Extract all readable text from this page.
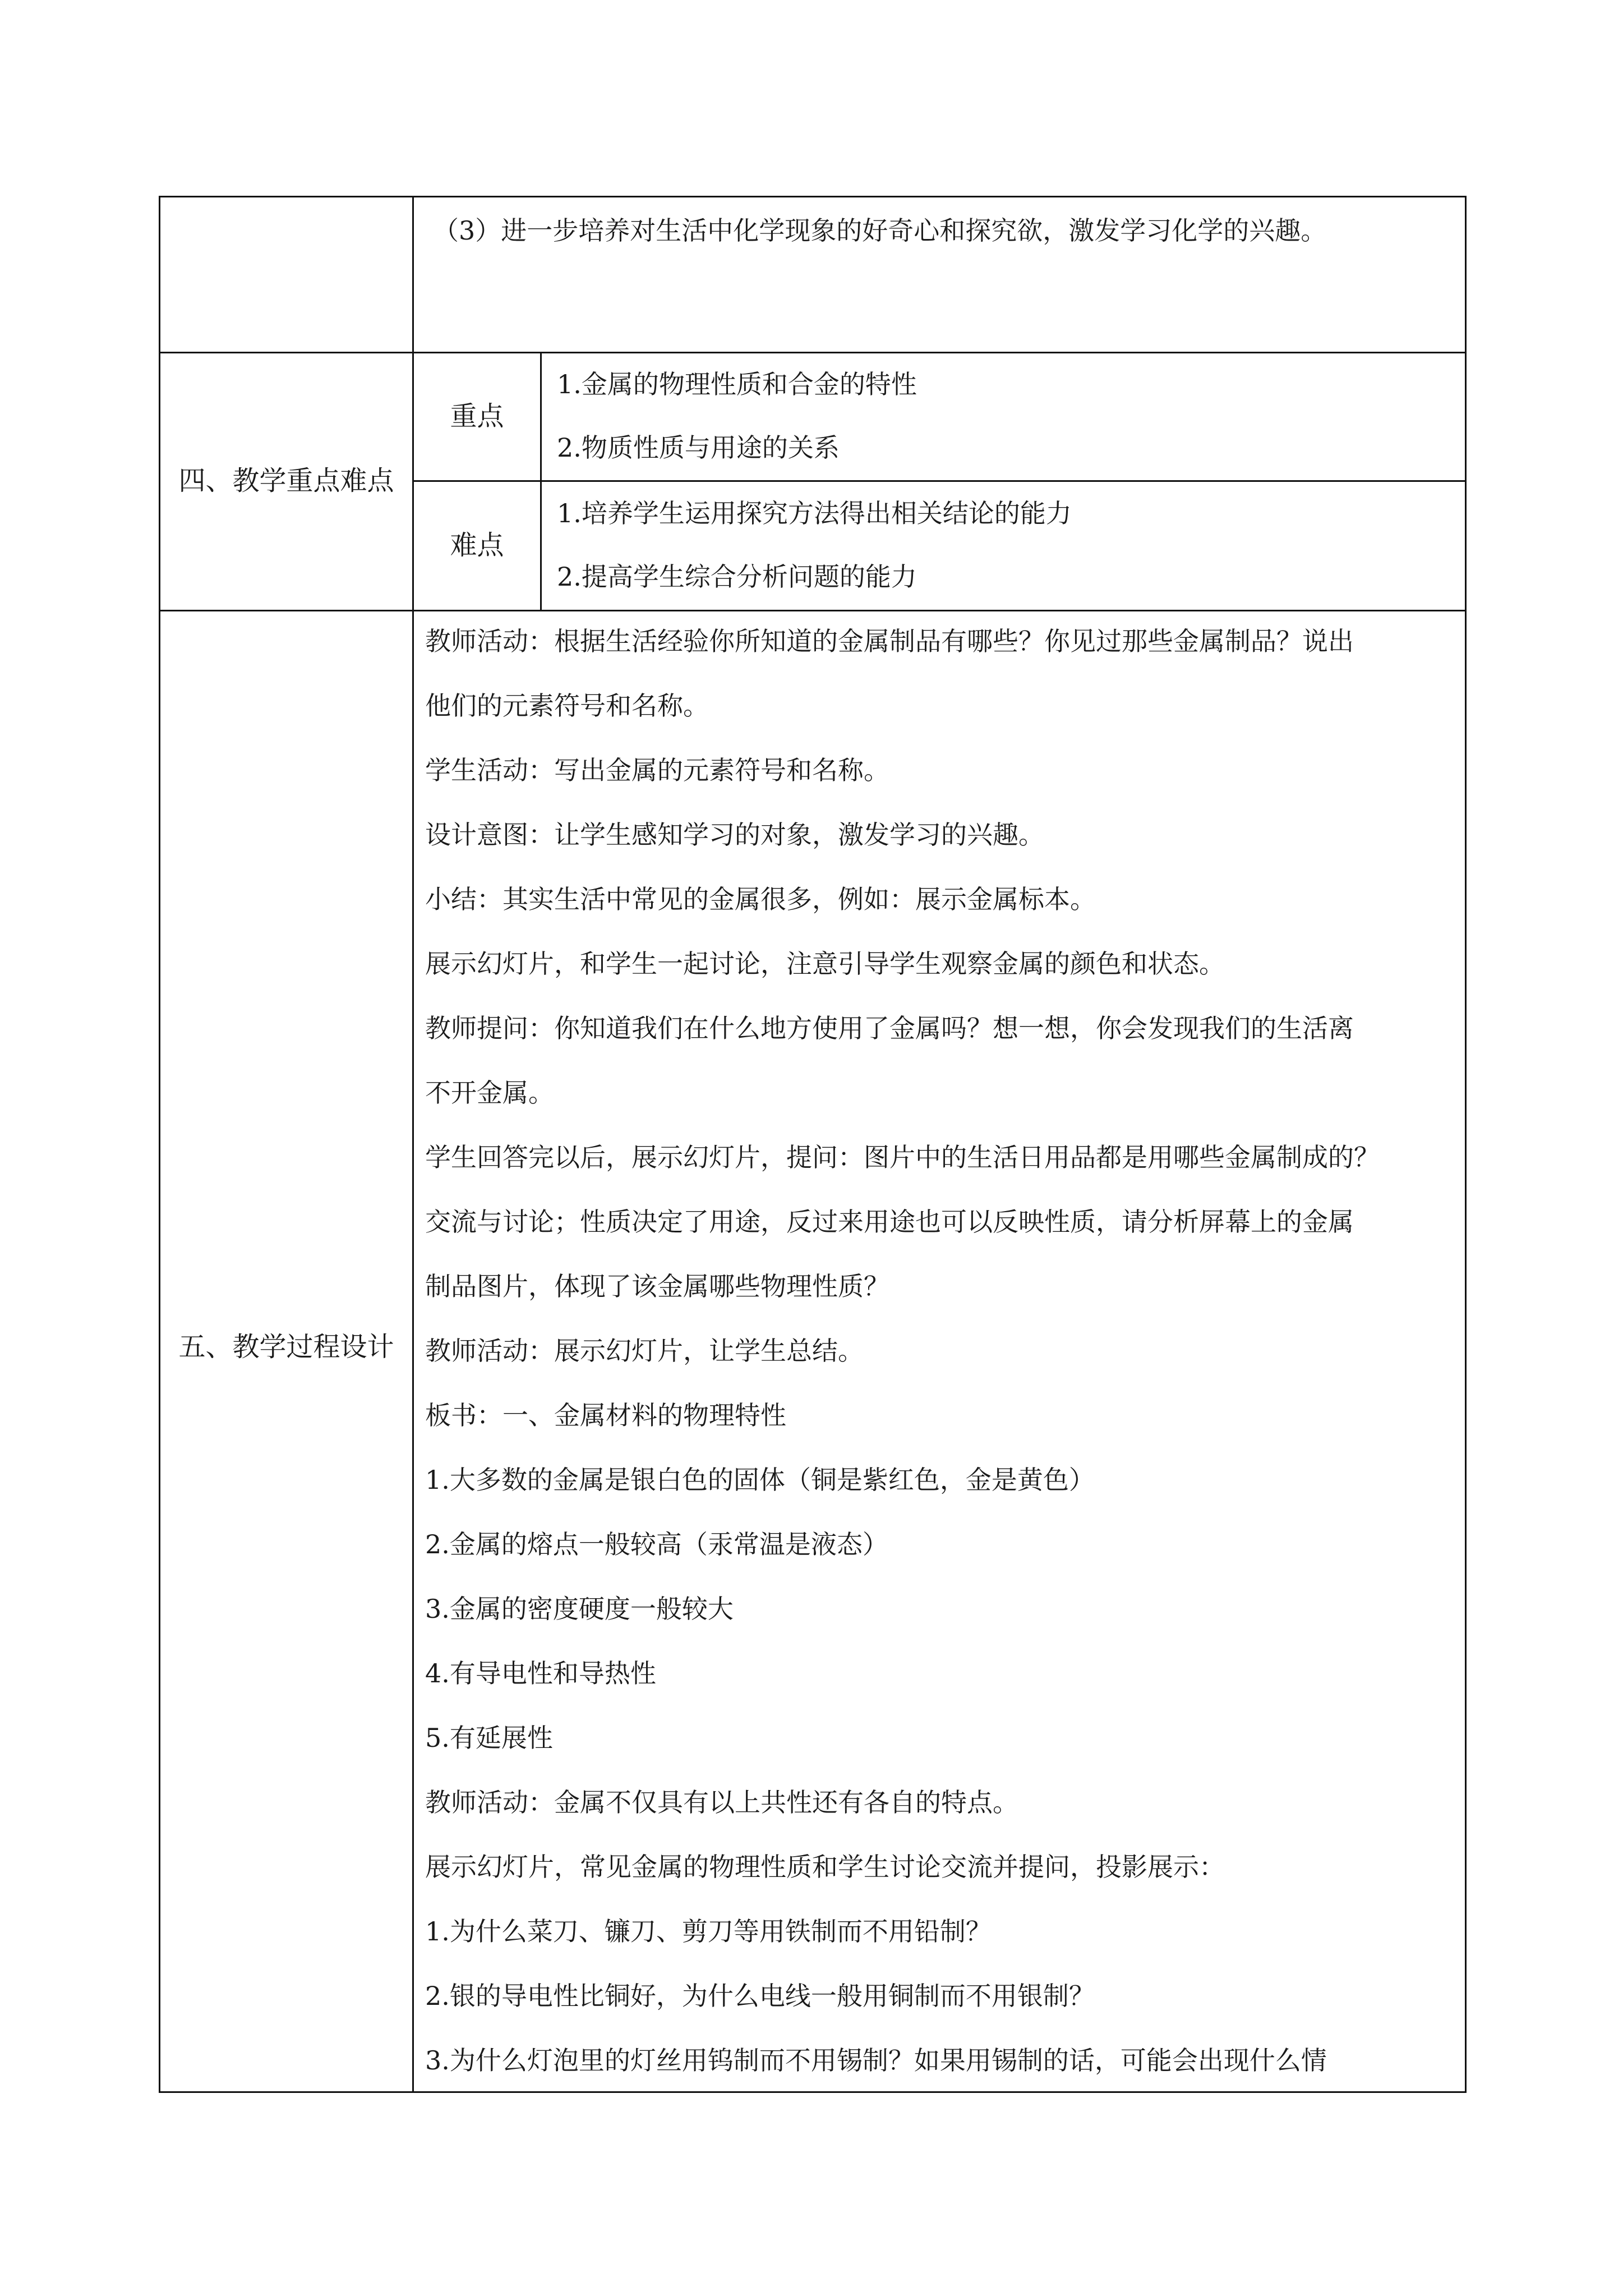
（3）进一步培养对生活中化学现象的好奇心和探究欲，激发学习化学的兴趣。
四、教学重点难点
重点
1.金属的物理性质和合金的特性
2.物质性质与用途的关系
难点
1.培养学生运用探究方法得出相关结论的能力
2.提高学生综合分析问题的能力
五、教学过程设计
教师活动：根据生活经验你所知道的金属制品有哪些？你见过那些金属制品？说出
他们的元素符号和名称。
学生活动：写出金属的元素符号和名称。
设计意图：让学生感知学习的对象，激发学习的兴趣。
小结：其实生活中常见的金属很多，例如：展示金属标本。
展示幻灯片，和学生一起讨论，注意引导学生观察金属的颜色和状态。
教师提问：你知道我们在什么地方使用了金属吗？想一想，你会发现我们的生活离
不开金属。
学生回答完以后，展示幻灯片，提问：图片中的生活日用品都是用哪些金属制成的？
交流与讨论；性质决定了用途，反过来用途也可以反映性质，请分析屏幕上的金属
制品图片，体现了该金属哪些物理性质？
教师活动：展示幻灯片，让学生总结。
板书：一、金属材料的物理特性
1.大多数的金属是银白色的固体（铜是紫红色，金是黄色）
2.金属的熔点一般较高（汞常温是液态）
3.金属的密度硬度一般较大
4.有导电性和导热性
5.有延展性
教师活动：金属不仅具有以上共性还有各自的特点。
展示幻灯片，常见金属的物理性质和学生讨论交流并提问，投影展示：
1.为什么菜刀、镰刀、剪刀等用铁制而不用铅制？
2.银的导电性比铜好，为什么电线一般用铜制而不用银制？
3.为什么灯泡里的灯丝用钨制而不用锡制？如果用锡制的话，可能会出现什么情
